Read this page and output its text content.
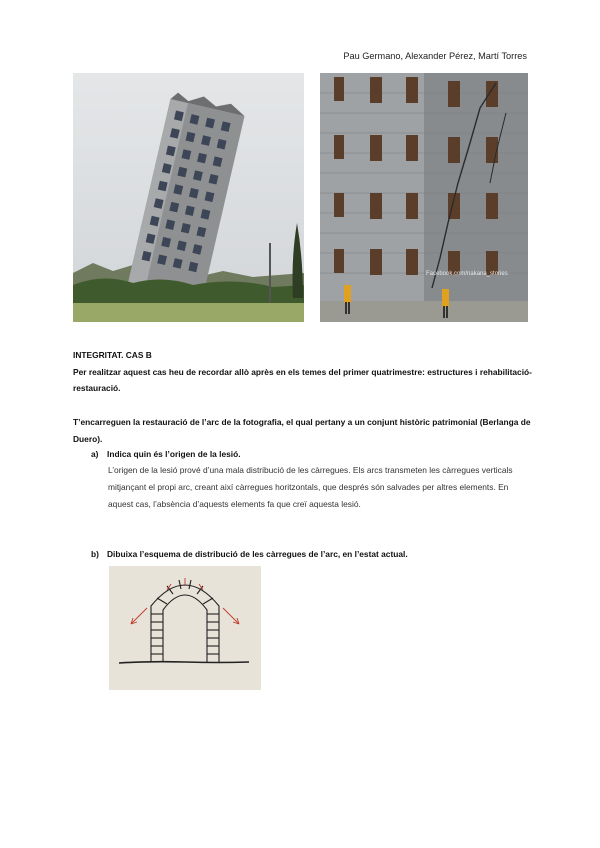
Pau Germano, Alexander Pérez, Martí Torres
Facebook.com/nakana_stories
INTEGRITAT. CAS B
Per realitzar aquest cas heu de recordar allò après en els temes del primer quatrimestre: estructures i rehabilitació-restauració.
T’encarreguen la restauració de l’arc de la fotografia, el qual pertany a un conjunt històric patrimonial (Berlanga de Duero).
a) Indica quin és l’origen de la lesió.
L’origen de la lesió prové d’una mala distribució de les càrregues. Els arcs transmeten les càrregues verticals mitjançant el propi arc, creant així càrregues horitzontals, que després són salvades per altres elements. En aquest cas, l’absència d’aquests elements fa que creï aquesta lesió.
b) Dibuixa l’esquema de distribució de les càrregues de l’arc, en l’estat actual.
